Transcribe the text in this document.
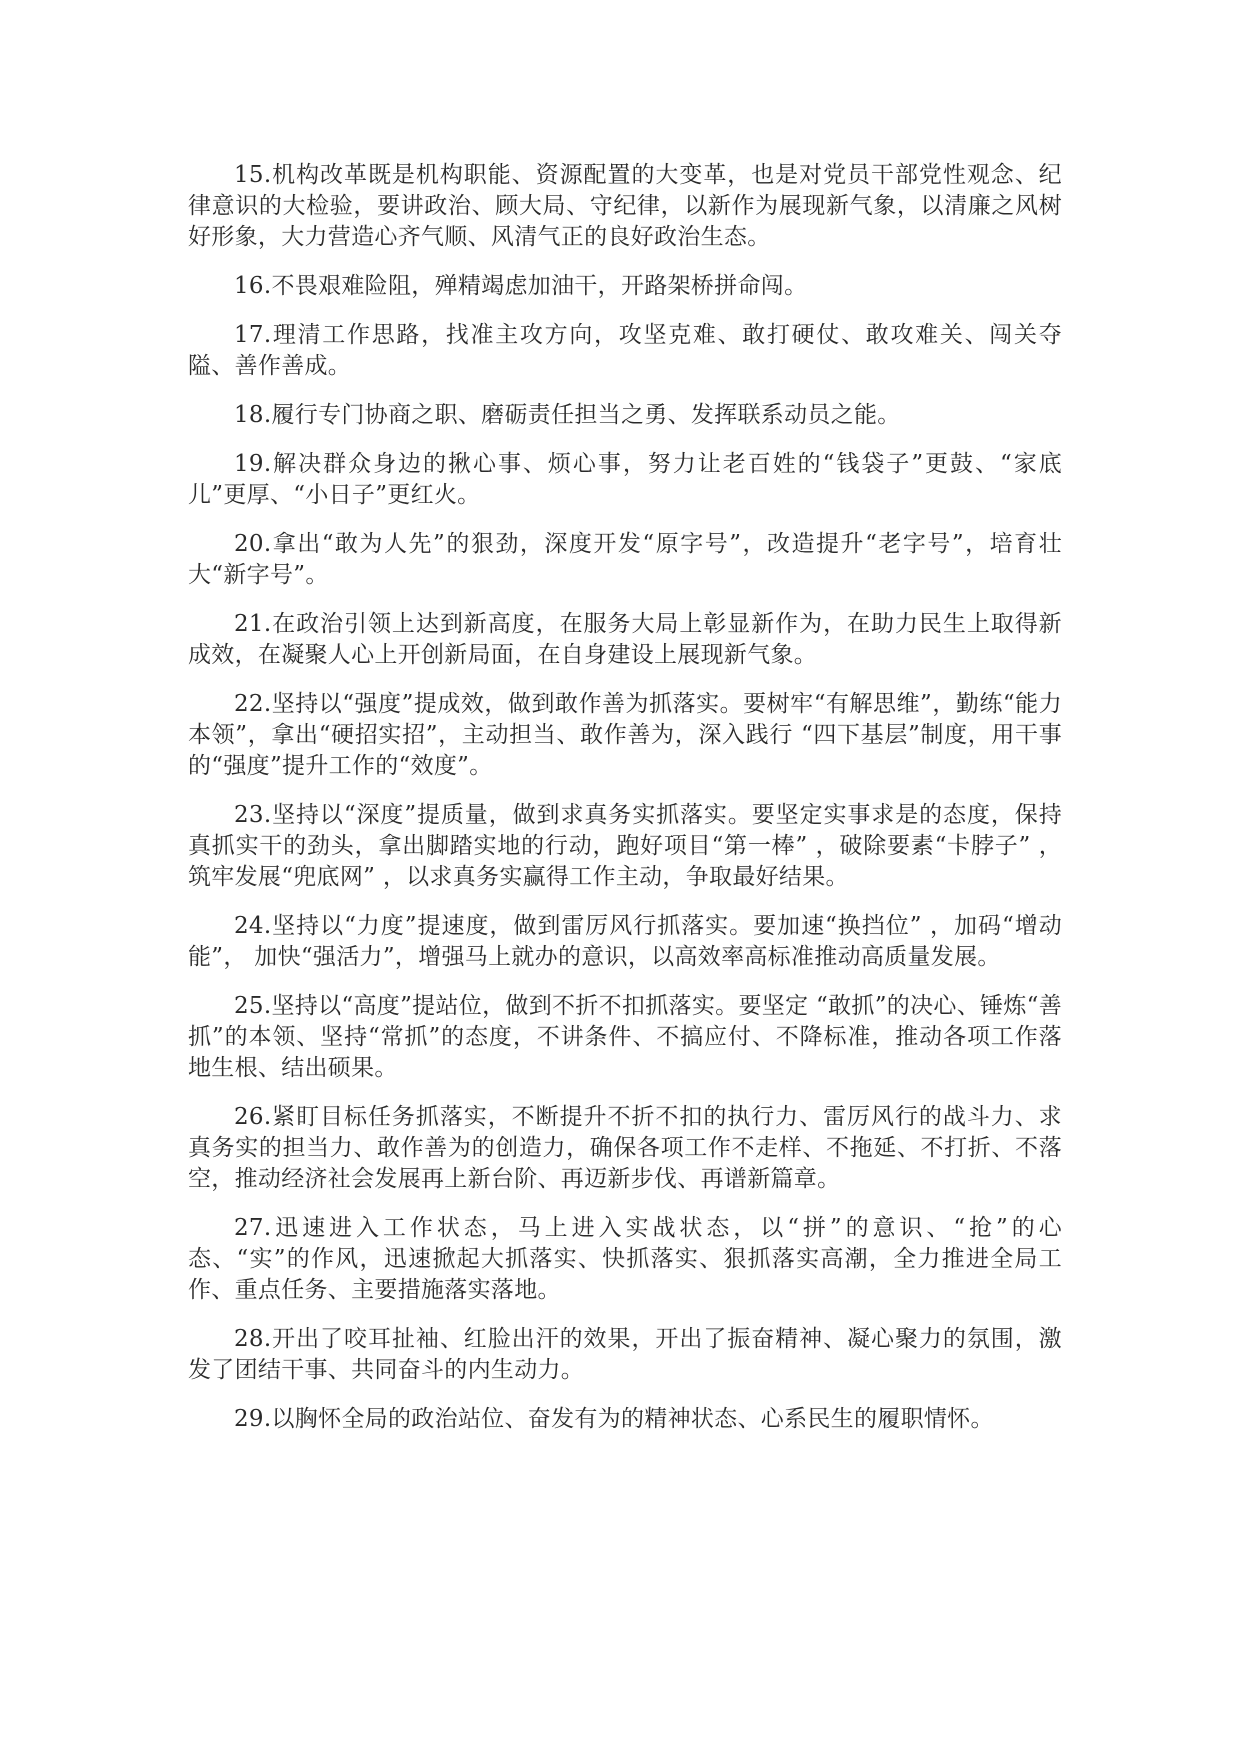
15.机构改革既是机构职能、资源配置的大变革，也是对党员干部党性观念、纪律意识的大检验，要讲政治、顾大局、守纪律，以新作为展现新气象，以清廉之风树好形象，大力营造心齐气顺、风清气正的良好政治生态。

16.不畏艰难险阻，殚精竭虑加油干，开路架桥拼命闯。

17.理清工作思路，找准主攻方向，攻坚克难、敢打硬仗、敢攻难关、闯关夺隘、善作善成。

18.履行专门协商之职、磨砺责任担当之勇、发挥联系动员之能。

19.解决群众身边的揪心事、烦心事，努力让老百姓的“钱袋子”更鼓、“家底儿”更厚、“小日子”更红火。

20.拿出“敢为人先”的狠劲，深度开发“原字号”，改造提升“老字号”，培育壮大“新字号”。

21.在政治引领上达到新高度，在服务大局上彰显新作为，在助力民生上取得新成效，在凝聚人心上开创新局面，在自身建设上展现新气象。

22.坚持以“强度”提成效，做到敢作善为抓落实。要树牢“有解思维”，勤练“能力本领”，拿出“硬招实招”，主动担当、敢作善为，深入践行 “四下基层”制度，用干事的“强度”提升工作的“效度”。

23.坚持以“深度”提质量，做到求真务实抓落实。要坚定实事求是的态度，保持真抓实干的劲头，拿出脚踏实地的行动，跑好项目“第一棒” ，破除要素“卡脖子” ，筑牢发展“兜底网” ，以求真务实赢得工作主动，争取最好结果。

24.坚持以“力度”提速度，做到雷厉风行抓落实。要加速“换挡位” ，加码“增动能”， 加快“强活力”，增强马上就办的意识，以高效率高标准推动高质量发展。

25.坚持以“高度”提站位，做到不折不扣抓落实。要坚定 “敢抓”的决心、锤炼“善抓”的本领、坚持“常抓”的态度，不讲条件、不搞应付、不降标准，推动各项工作落地生根、结出硕果。

26.紧盯目标任务抓落实，不断提升不折不扣的执行力、雷厉风行的战斗力、求真务实的担当力、敢作善为的创造力，确保各项工作不走样、不拖延、不打折、不落空，推动经济社会发展再上新台阶、再迈新步伐、再谱新篇章。

27.迅速进入工作状态，马上进入实战状态，以“拼”的意识、“抢”的心态、“实”的作风，迅速掀起大抓落实、快抓落实、狠抓落实高潮，全力推进全局工作、重点任务、主要措施落实落地。

28.开出了咬耳扯袖、红脸出汗的效果，开出了振奋精神、凝心聚力的氛围，激发了团结干事、共同奋斗的内生动力。

29.以胸怀全局的政治站位、奋发有为的精神状态、心系民生的履职情怀。
